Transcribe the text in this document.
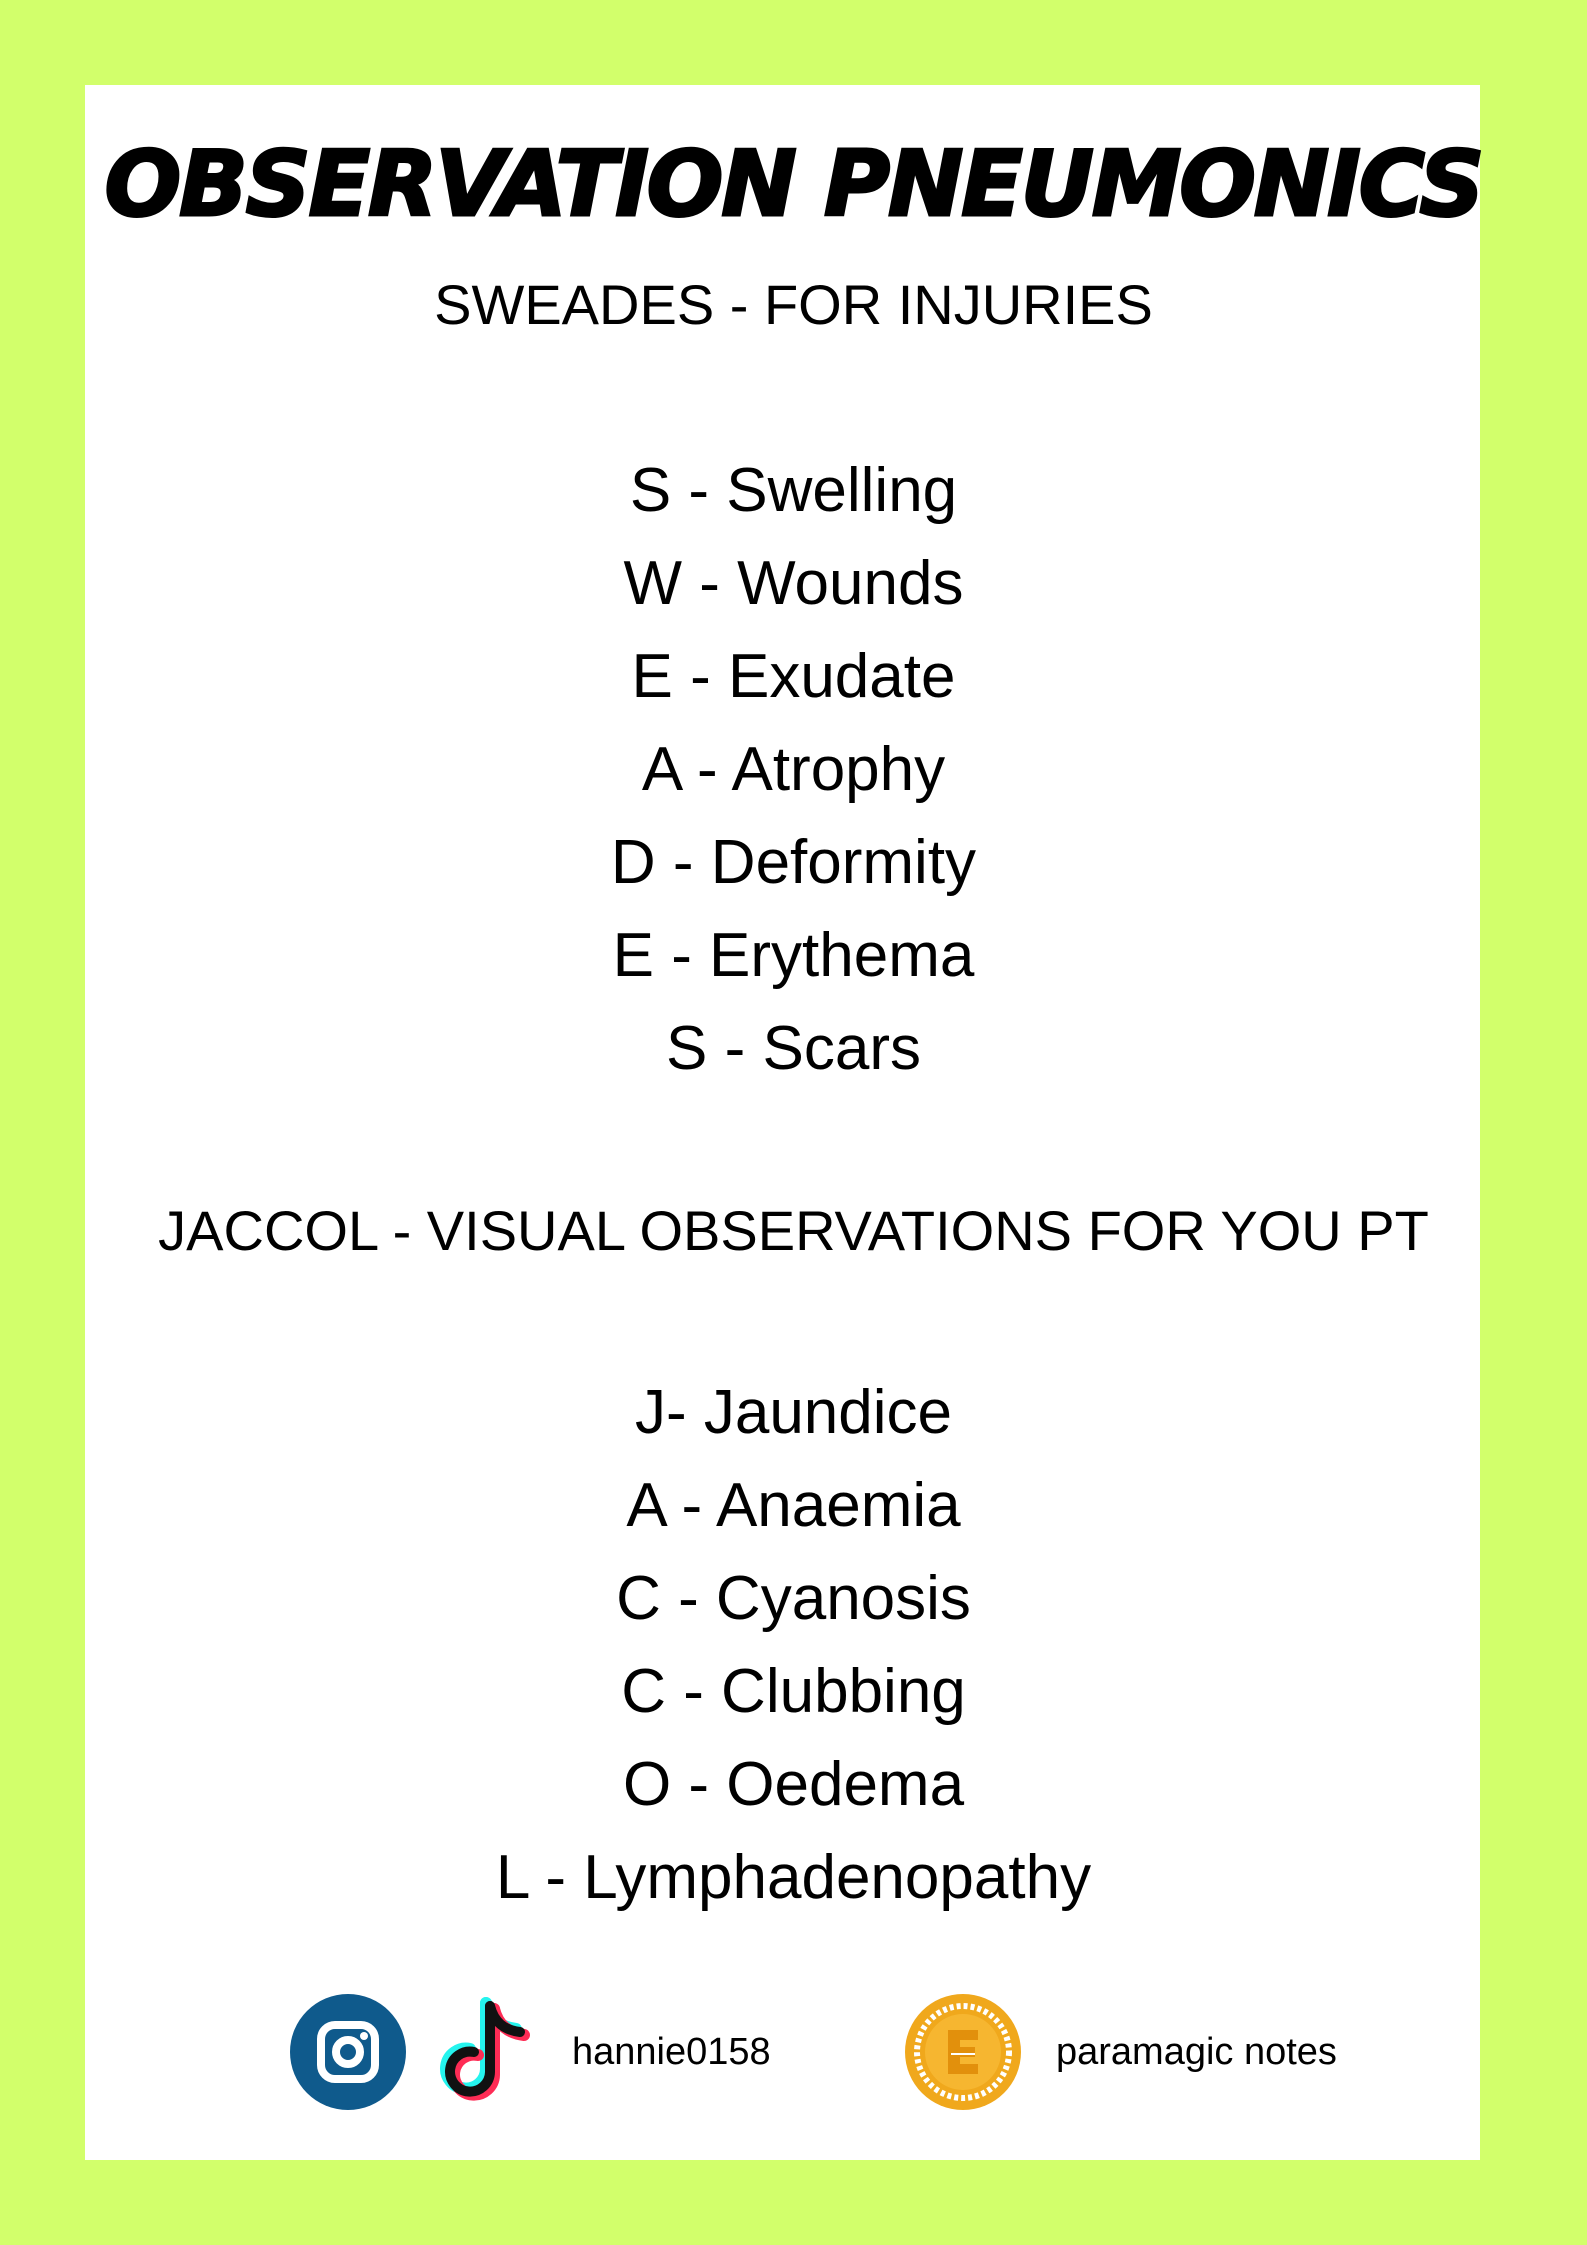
OBSERVATION PNEUMONICS
SWEADES - FOR INJURIES
S - Swelling
W - Wounds
E - Exudate
A - Atrophy
D - Deformity
E - Erythema
S - Scars
JACCOL - VISUAL OBSERVATIONS FOR YOU PT
J- Jaundice
A - Anaemia
C - Cyanosis
C - Clubbing
O - Oedema
L - Lymphadenopathy
hannie0158	paramagic notes
